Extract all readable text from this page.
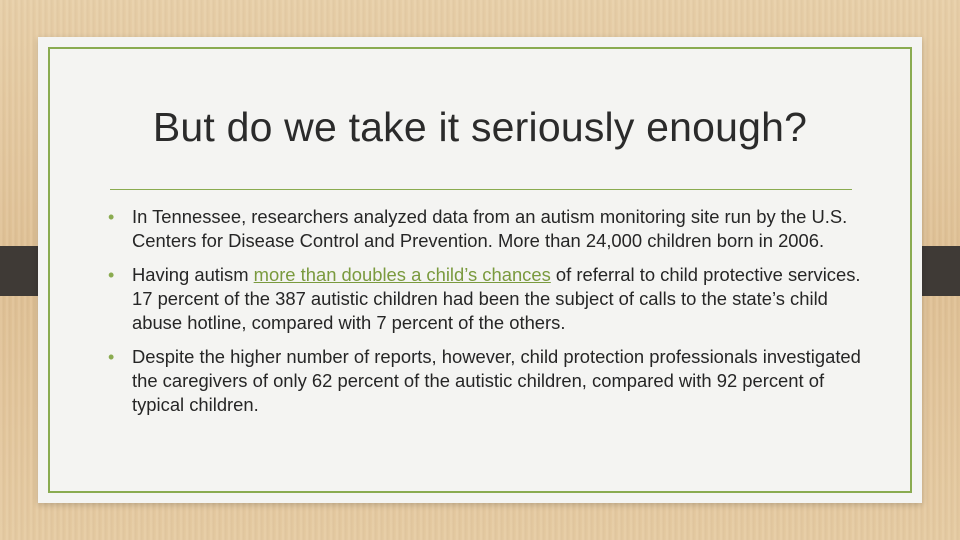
But do we take it seriously enough?
• In Tennessee, researchers analyzed data from an autism monitoring site run by the U.S. Centers for Disease Control and Prevention. More than 24,000 children born in 2006.
• Having autism more than doubles a child’s chances of referral to child protective services. 17 percent of the 387 autistic children had been the subject of calls to the state’s child abuse hotline, compared with 7 percent of the others.
• Despite the higher number of reports, however, child protection professionals investigated the caregivers of only 62 percent of the autistic children, compared with 92 percent of typical children.
